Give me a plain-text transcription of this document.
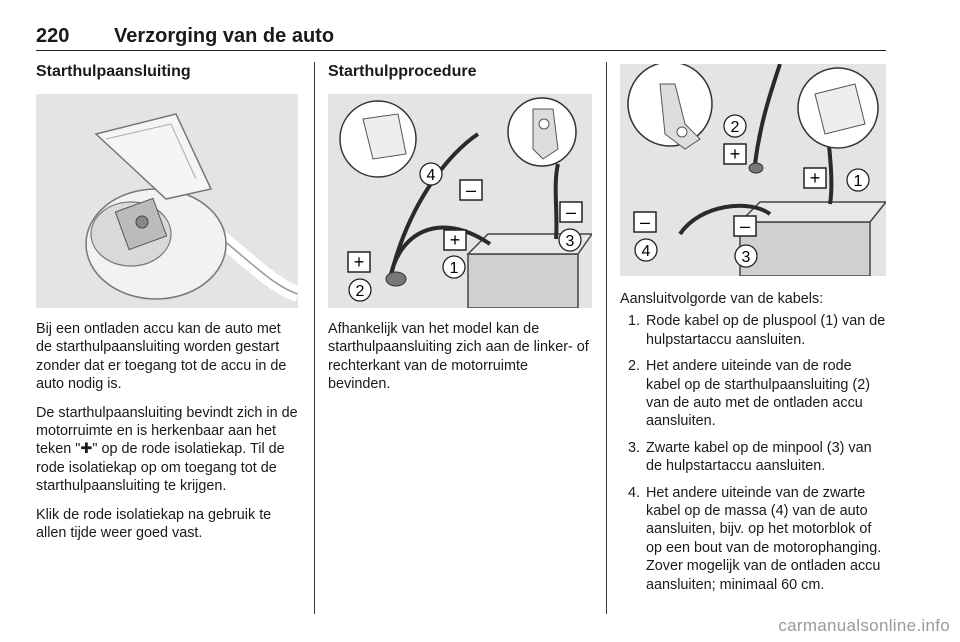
220 Verzorging van de auto
Starthulpaansluiting

Bij een ontladen accu kan de auto met de starthulpaansluiting worden gestart zonder dat er toegang tot de accu in de auto nodig is.

De starthulpaansluiting bevindt zich in de motorruimte en is herkenbaar aan het teken "✚" op de rode isolatiekap. Til de rode isolatiekap op om toegang tot de starthulpaansluiting te krijgen.

Klik de rode isolatiekap na gebruik te allen tijde weer goed vast.

Starthulpprocedure
–
–
+
+
4
3
1
2

Afhankelijk van het model kan de starthulpaansluiting zich aan de linker- of rechterkant van de motorruimte bevinden.

+
+
–	–
2
1
4	3

Aansluitvolgorde van de kabels:

1. Rode kabel op de pluspool (1) van de hulpstartaccu aansluiten.
2. Het andere uiteinde van de rode kabel op de starthulpaansluiting (2) van de auto met de ontladen accu aansluiten.
3. Zwarte kabel op de minpool (3) van de hulpstartaccu aansluiten.
4. Het andere uiteinde van de zwarte kabel op de massa (4) van de auto aansluiten, bijv. op het motorblok of op een bout van de motorophanging. Zover mogelijk van de ontladen accu aansluiten; minimaal 60 cm.
carmanualsonline.info
